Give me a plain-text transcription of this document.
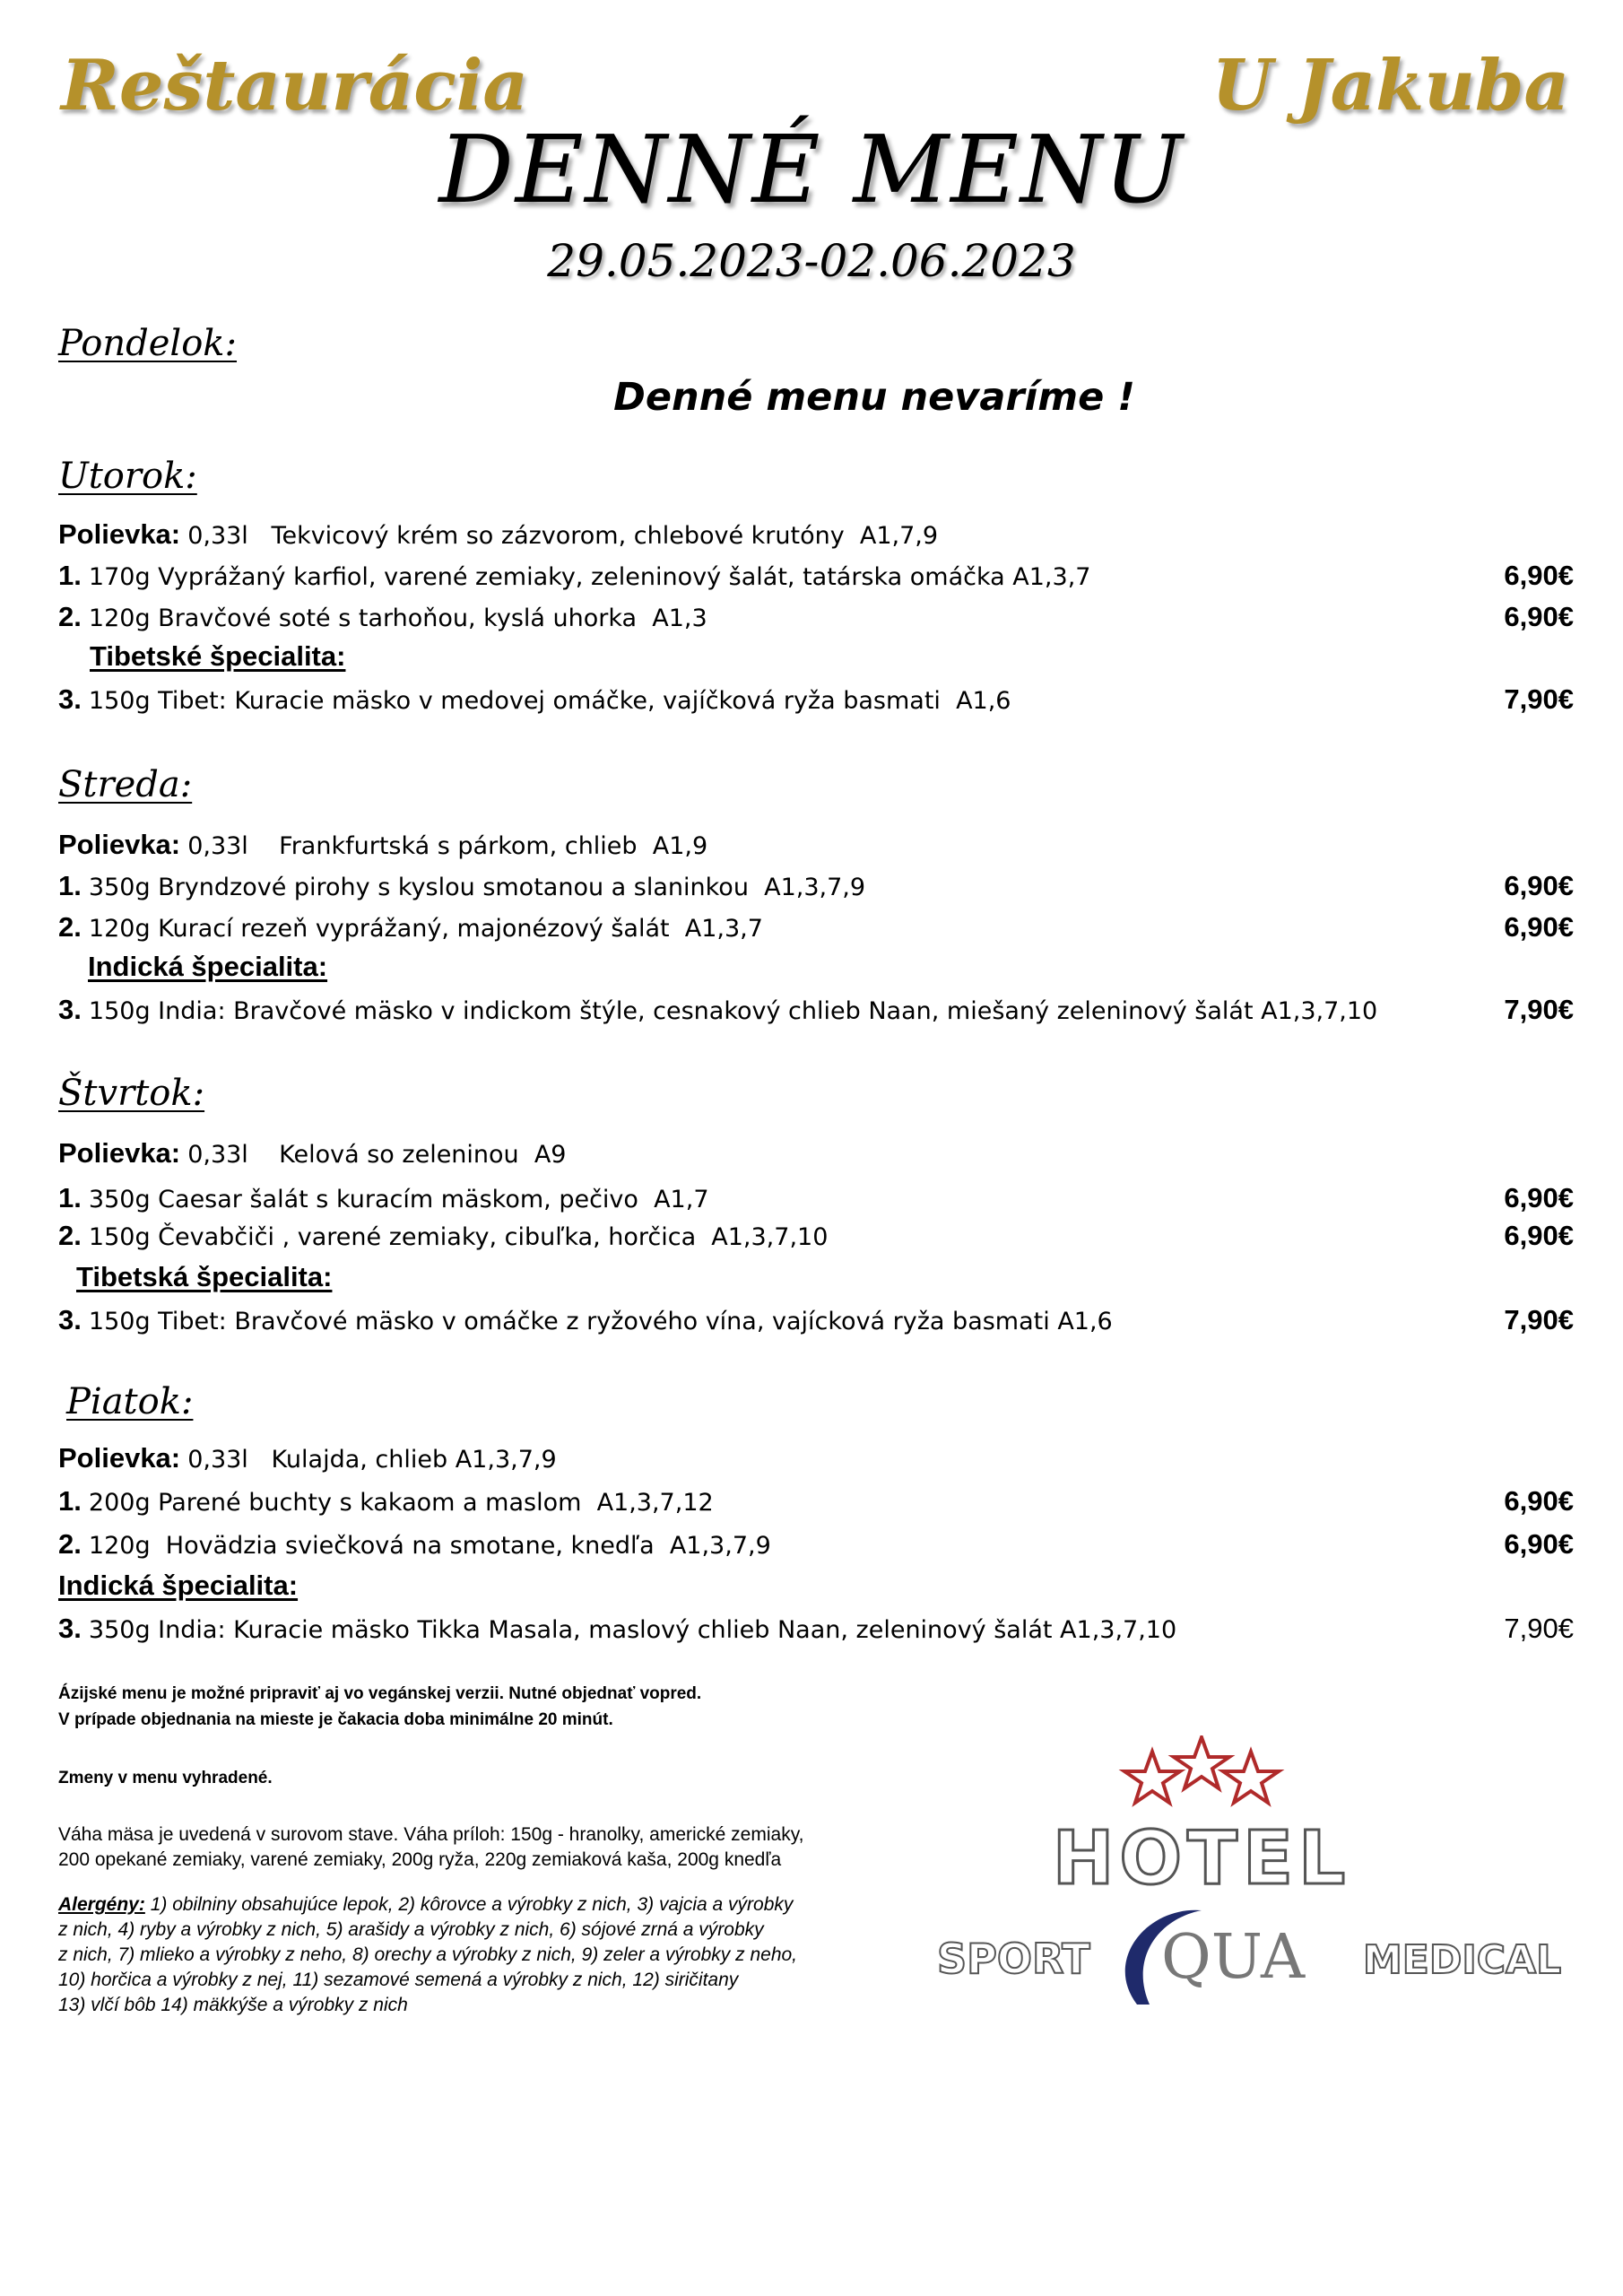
Reštaurácia	U Jakuba
DENNÉ MENU
29.05.2023-02.06.2023
Pondelok:
Denné menu nevaríme !
Utorok:
Polievka: 0,33l   Tekvicový krém so zázvorom, chlebové krutóny  A1,7,9
1. 170g Vyprážaný karfiol, varené zemiaky, zeleninový šalát, tatárska omáčka A1,3,7	6,90€
2. 120g Bravčové soté s tarhoňou, kyslá uhorka  A1,3	6,90€
Tibetské špecialita:
3. 150g Tibet: Kuracie mäsko v medovej omáčke, vajíčková ryža basmati  A1,6	7,90€
Streda:
Polievka: 0,33l    Frankfurtská s párkom, chlieb  A1,9
1. 350g Bryndzové pirohy s kyslou smotanou a slaninkou  A1,3,7,9	6,90€
2. 120g Kurací rezeň vyprážaný, majonézový šalát  A1,3,7	6,90€
Indická špecialita:
3. 150g India: Bravčové mäsko v indickom štýle, cesnakový chlieb Naan, miešaný zeleninový šalát A1,3,7,10	7,90€
Štvrtok:
Polievka: 0,33l    Kelová so zeleninou  A9
1. 350g Caesar šalát s kuracím mäskom, pečivo  A1,7	6,90€
2. 150g Čevabčiči , varené zemiaky, cibuľka, horčica  A1,3,7,10	6,90€
Tibetská špecialita:
3. 150g Tibet: Bravčové mäsko v omáčke z ryžového vína, vajícková ryža basmati A1,6	7,90€
Piatok:
Polievka: 0,33l   Kulajda, chlieb A1,3,7,9
1. 200g Parené buchty s kakaom a maslom  A1,3,7,12	6,90€
2. 120g  Hovädzia sviečková na smotane, knedľa  A1,3,7,9	6,90€
Indická špecialita:
3. 350g India: Kuracie mäsko Tikka Masala, maslový chlieb Naan, zeleninový šalát A1,3,7,10	7,90€
Ázijské menu je možné pripraviť aj vo vegánskej verzii. Nutné objednať vopred.
V prípade objednania na mieste je čakacia doba minimálne 20 minút.
Zmeny v menu vyhradené.
Váha mäsa je uvedená v surovom stave. Váha príloh: 150g - hranolky, americké zemiaky,
200 opekané zemiaky, varené zemiaky, 200g ryža, 220g zemiaková kaša, 200g knedľa
Alergény: 1) obilniny obsahujúce lepok, 2) kôrovce a výrobky z nich, 3) vajcia a výrobky
z nich, 4) ryby a výrobky z nich, 5) arašidy a výrobky z nich, 6) sójové zrná a výrobky
z nich, 7) mlieko a výrobky z neho, 8) orechy a výrobky z nich, 9) zeler a výrobky z neho,
10) horčica a výrobky z nej, 11) sezamové semená a výrobky z nich, 12) siričitany
13) vlčí bôb 14) mäkkýše a výrobky z nich
HOTEL
SPORT QUA MEDICAL
